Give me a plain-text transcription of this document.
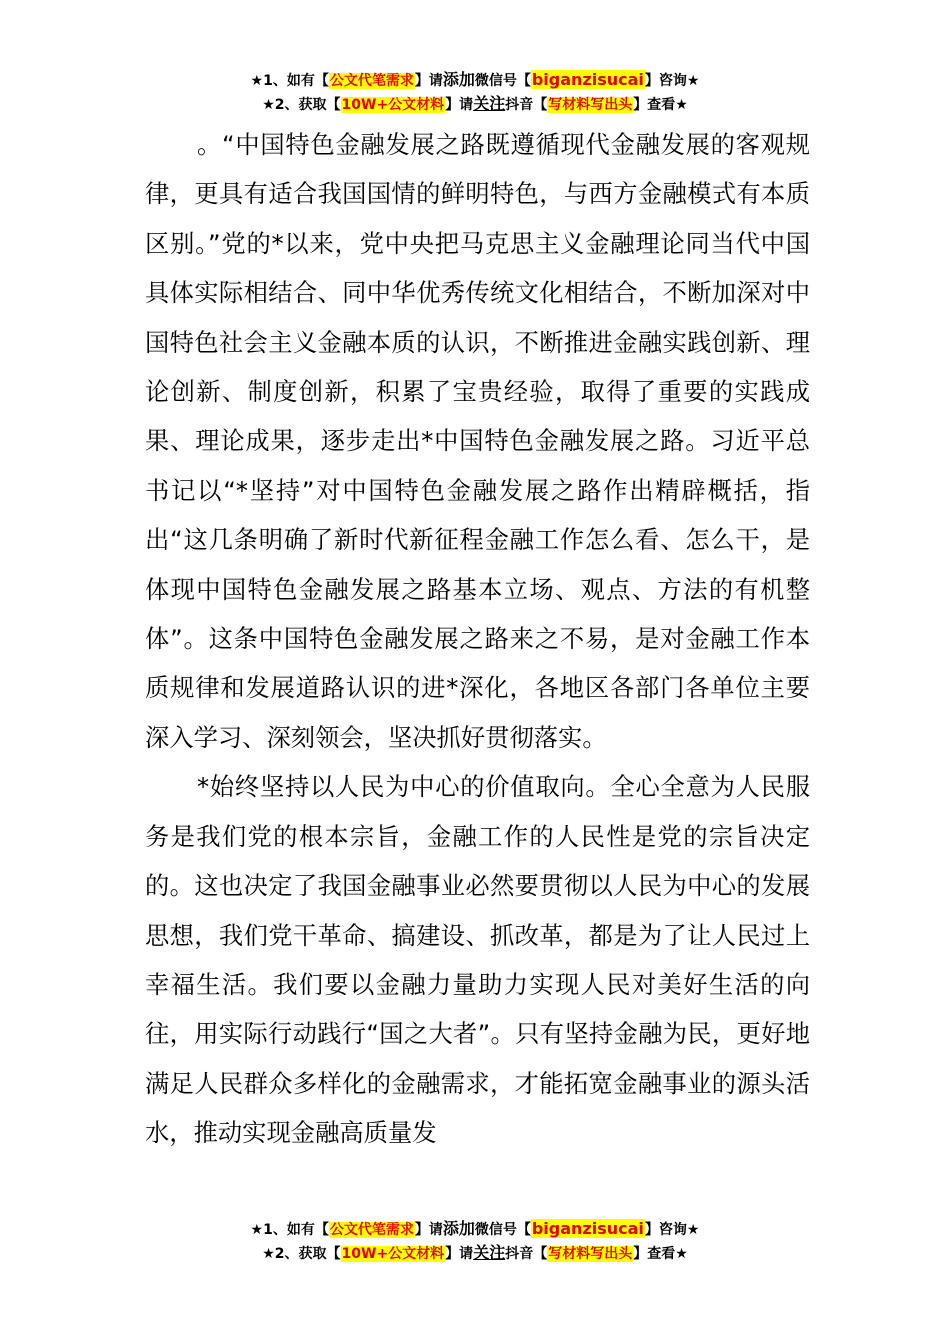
★1、如有【公文代笔需求】请添加微信号【biganzisucai】咨询★
★2、获取【10W+公文材料】请关注抖音【写材料写出头】查看★

。“中国特色金融发展之路既遵循现代金融发展的客观规律，更具有适合我国国情的鲜明特色，与西方金融模式有本质区别。”党的*以来，党中央把马克思主义金融理论同当代中国具体实际相结合、同中华优秀传统文化相结合，不断加深对中国特色社会主义金融本质的认识，不断推进金融实践创新、理论创新、制度创新，积累了宝贵经验，取得了重要的实践成果、理论成果，逐步走出*中国特色金融发展之路。习近平总书记以“*坚持”对中国特色金融发展之路作出精辟概括，指出“这几条明确了新时代新征程金融工作怎么看、怎么干，是体现中国特色金融发展之路基本立场、观点、方法的有机整体”。这条中国特色金融发展之路来之不易，是对金融工作本质规律和发展道路认识的进*深化，各地区各部门各单位主要深入学习、深刻领会，坚决抓好贯彻落实。

*始终坚持以人民为中心的价值取向。全心全意为人民服务是我们党的根本宗旨，金融工作的人民性是党的宗旨决定的。这也决定了我国金融事业必然要贯彻以人民为中心的发展思想，我们党干革命、搞建设、抓改革，都是为了让人民过上幸福生活。我们要以金融力量助力实现人民对美好生活的向往，用实际行动践行“国之大者”。只有坚持金融为民，更好地满足人民群众多样化的金融需求，才能拓宽金融事业的源头活水，推动实现金融高质量发

★1、如有【公文代笔需求】请添加微信号【biganzisucai】咨询★
★2、获取【10W+公文材料】请关注抖音【写材料写出头】查看★
